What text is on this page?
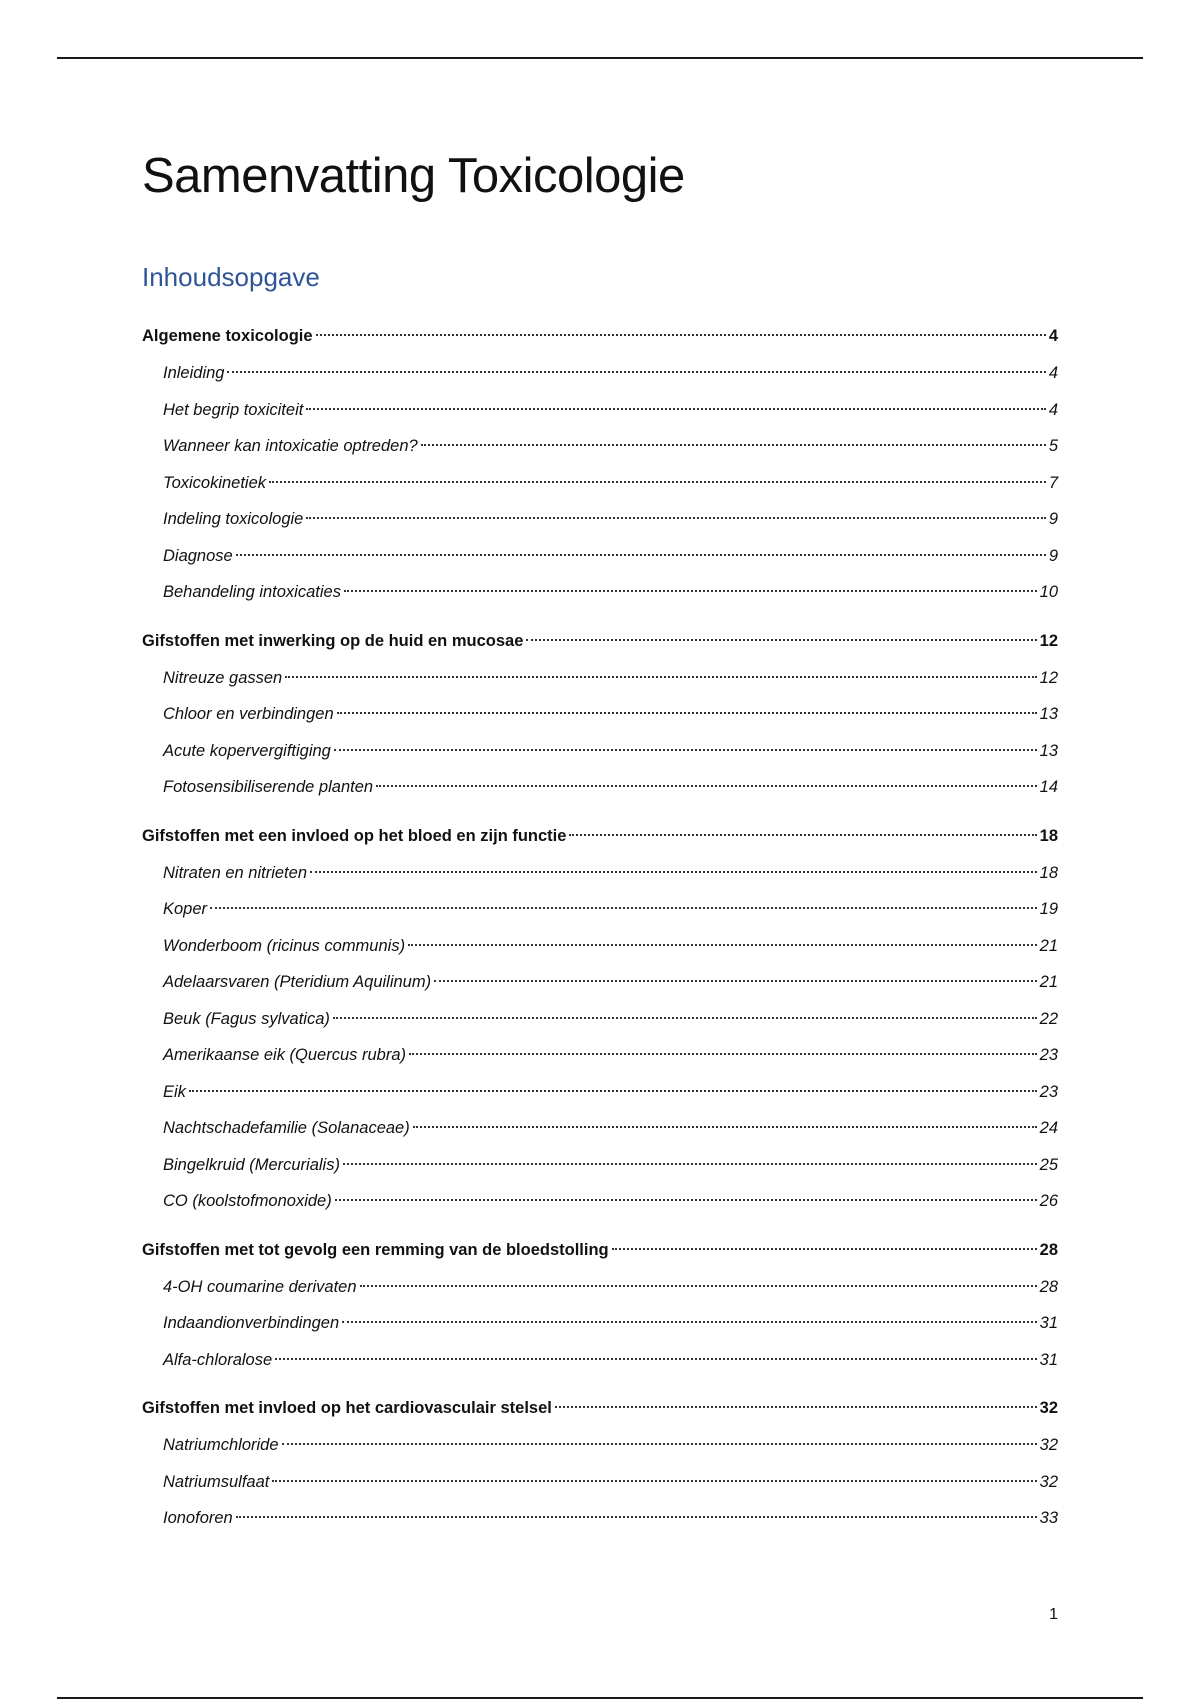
Samenvatting Toxicologie
Inhoudsopgave
Algemene toxicologie	4
Inleiding	4
Het begrip toxiciteit	4
Wanneer kan intoxicatie optreden?	5
Toxicokinetiek	7
Indeling toxicologie	9
Diagnose	9
Behandeling intoxicaties	10
Gifstoffen met inwerking op de huid en mucosae	12
Nitreuze gassen	12
Chloor en verbindingen	13
Acute kopervergiftiging	13
Fotosensibiliserende planten	14
Gifstoffen met een invloed op het bloed en zijn functie	18
Nitraten en nitrieten	18
Koper	19
Wonderboom (ricinus communis)	21
Adelaarsvaren (Pteridium Aquilinum)	21
Beuk (Fagus sylvatica)	22
Amerikaanse eik (Quercus rubra)	23
Eik	23
Nachtschadefamilie (Solanaceae)	24
Bingelkruid (Mercurialis)	25
CO (koolstofmonoxide)	26
Gifstoffen met tot gevolg een remming van de bloedstolling	28
4-OH coumarine derivaten	28
Indaandionverbindingen	31
Alfa-chloralose	31
Gifstoffen met invloed op het cardiovasculair stelsel	32
Natriumchloride	32
Natriumsulfaat	32
Ionoforen	33
1
